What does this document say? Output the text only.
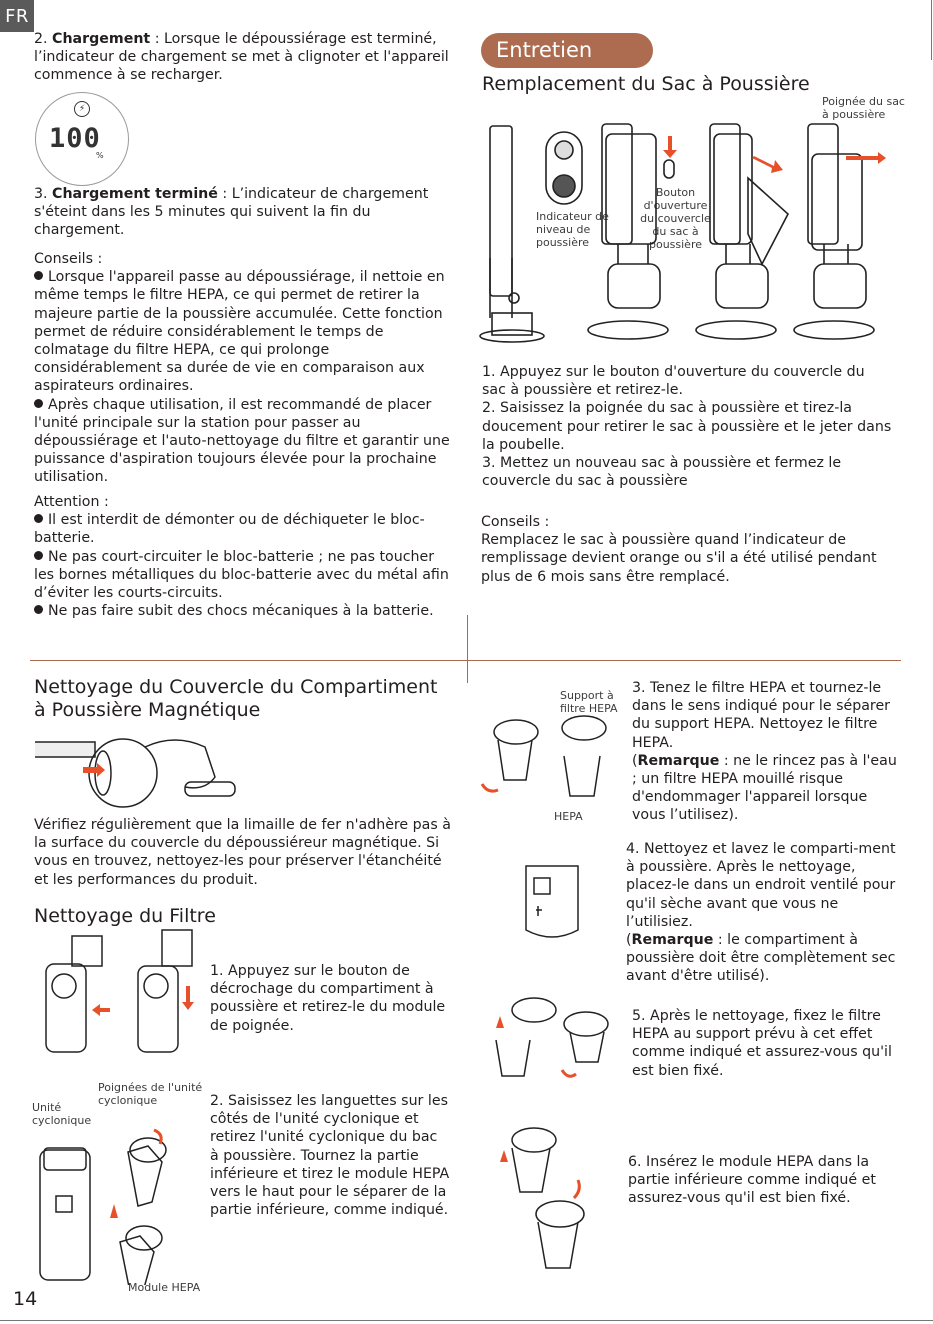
FR
2. Chargement : Lorsque le dépoussiérage est terminé, l’indicateur de chargement se met à clignoter et l'appareil commence à se recharger.
⚡
100
%
3. Chargement terminé : L’indicateur de chargement s'éteint dans les 5 minutes qui suivent la fin du chargement.
Conseils :
Lorsque l'appareil passe au dépoussiérage, il nettoie en même temps le filtre HEPA, ce qui permet de retirer la majeure partie de la poussière accumulée. Cette fonction permet de réduire considérablement le temps de colmatage du filtre HEPA, ce qui prolonge considérablement sa durée de vie en comparaison aux aspirateurs ordinaires.
Après chaque utilisation, il est recommandé de placer l'unité principale sur la station pour passer au dépoussiérage et l'auto-nettoyage du filtre et garantir une puissance d'aspiration toujours élevée pour la prochaine utilisation.
Attention :
Il est interdit de démonter ou de déchiqueter le bloc-batterie.
Ne pas court-circuiter le bloc-batterie ; ne pas toucher les bornes métalliques du bloc-batterie avec du métal afin d’éviter les courts-circuits.
Ne pas faire subit des chocs mécaniques à la batterie.
Entretien
Remplacement du Sac à Poussière
Poignée du sac à poussière
Indicateur de niveau de poussière
Bouton d'ouverture du couvercle du sac à poussière
1. Appuyez sur le bouton d'ouverture du couvercle du sac à poussière et retirez-le.
2. Saisissez la poignée du sac à poussière et tirez-la doucement pour retirer le sac à poussière et le jeter dans la poubelle.
3. Mettez un nouveau sac à poussière et fermez le couvercle du sac à poussière
Conseils :
Remplacez le sac à poussière quand l’indicateur de remplissage devient orange ou s'il a été utilisé pendant plus de 6 mois sans être remplacé.
Nettoyage du Couvercle du Compartiment à Poussière Magnétique
Vérifiez régulièrement que la limaille de fer n'adhère pas à la surface du couvercle du dépoussiéreur magnétique. Si vous en trouvez, nettoyez-les pour préserver l'étanchéité et les performances du produit.
Nettoyage du Filtre
1. Appuyez sur le bouton de décrochage du compartiment à poussière et retirez-le du module de poignée.
Unité cyclonique
Poignées de l'unité cyclonique
Module HEPA
2. Saisissez les languettes sur les côtés de l'unité cyclonique et retirez l'unité cyclonique du bac à poussière. Tournez la partie inférieure et tirez le module HEPA vers le haut pour le séparer de la partie inférieure, comme indiqué.
Support à filtre HEPA
HEPA
3. Tenez le filtre HEPA et tournez-le dans le sens indiqué pour le séparer du support HEPA. Nettoyez le filtre HEPA.
(Remarque : ne le rincez pas à l'eau ; un filtre HEPA mouillé risque d'endommager l'appareil lorsque vous l’utilisez).
4. Nettoyez et lavez le comparti-ment à poussière. Après le nettoyage, placez-le dans un endroit ventilé pour qu'il sèche avant que vous ne l’utilisiez.
(Remarque : le compartiment à poussière doit être complètement sec avant d'être utilisé).
5. Après le nettoyage, fixez le filtre HEPA au support prévu à cet effet comme indiqué et assurez-vous qu'il est bien fixé.
6. Insérez le module HEPA dans la partie inférieure comme indiqué et assurez-vous qu'il est bien fixé.
14
